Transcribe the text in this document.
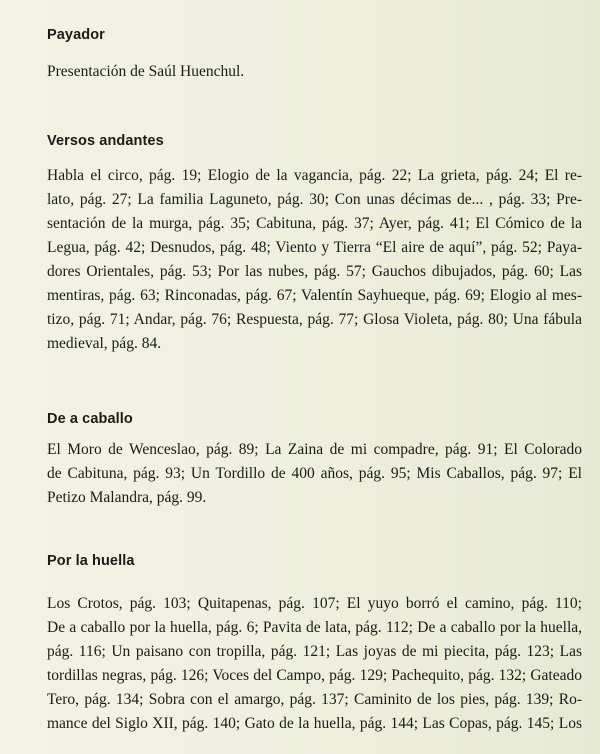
Payador
Presentación de Saúl Huenchul.
Versos andantes
Habla el circo, pág. 19; Elogio de la vagancia, pág. 22; La grieta, pág. 24; El re-
lato, pág. 27; La familia Laguneto, pág. 30; Con unas décimas de... , pág. 33; Pre-
sentación de la murga, pág. 35; Cabituna, pág. 37; Ayer, pág. 41; El Cómico de la
Legua, pág. 42; Desnudos, pág. 48; Viento y Tierra “El aire de aquí”, pág. 52; Paya-
dores Orientales, pág. 53; Por las nubes, pág. 57; Gauchos dibujados, pág. 60; Las
mentiras, pág. 63; Rinconadas, pág. 67; Valentín Sayhueque, pág. 69; Elogio al mes-
tizo, pág. 71; Andar, pág. 76; Respuesta, pág. 77; Glosa Violeta, pág. 80; Una fábula
medieval, pág. 84.
De a caballo
El Moro de Wenceslao, pág. 89; La Zaina de mi compadre, pág. 91; El Colorado
de Cabituna, pág. 93; Un Tordillo de 400 años, pág. 95; Mis Caballos, pág. 97; El
Petizo Malandra, pág. 99.
Por la huella
Los Crotos, pág. 103; Quitapenas, pág. 107; El yuyo borró el camino, pág. 110;
De a caballo por la huella, pág. 6; Pavita de lata, pág. 112; De a caballo por la huella,
pág. 116; Un paisano con tropilla, pág. 121; Las joyas de mi piecita, pág. 123; Las
tordillas negras, pág. 126; Voces del Campo, pág. 129; Pachequito, pág. 132; Gateado
Tero, pág. 134; Sobra con el amargo, pág. 137; Caminito de los pies, pág. 139; Ro-
mance del Siglo XII, pág. 140; Gato de la huella, pág. 144; Las Copas, pág. 145; Los
